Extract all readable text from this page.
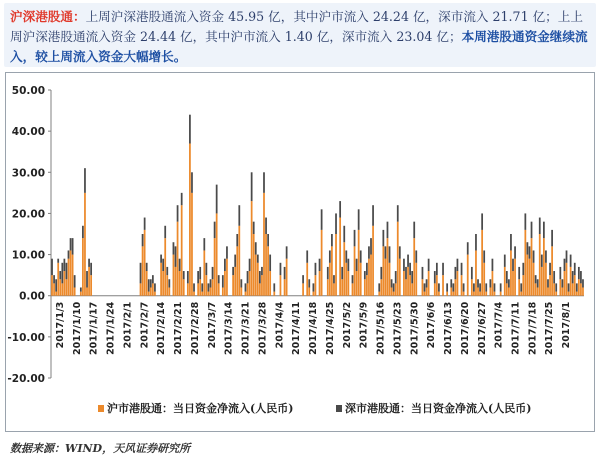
沪深港股通：上周沪深港股通流入资金 45.95 亿，其中沪市流入 24.24 亿，深市流入 21.71 亿；上上周沪深港股通流入资金 24.44 亿，其中沪市流入 1.40 亿，深市流入 23.04 亿；本周港股通资金继续流入，较上周流入资金大幅增长。

50.00
40.00
30.00
20.00
10.00
0.00
-10.00
-20.00
2017/1/3 2017/1/10 2017/1/17 2017/1/24 2017/2/1 2017/2/7 2017/2/14 2017/2/21 2017/2/28 2017/3/7 2017/3/14 2017/3/21 2017/3/28 2017/4/4 2017/4/11 2017/4/18 2017/4/25 2017/5/2 2017/5/9 2017/5/16 2017/5/23 2017/5/30 2017/6/6 2017/6/13 2017/6/20 2017/6/27 2017/7/4 2017/7/11 2017/7/18 2017/7/25 2017/8/1
沪市港股通：当日资金净流入(人民币)	深市港股通：当日资金净流入(人民币)
数据来源：WIND，天风证券研究所
